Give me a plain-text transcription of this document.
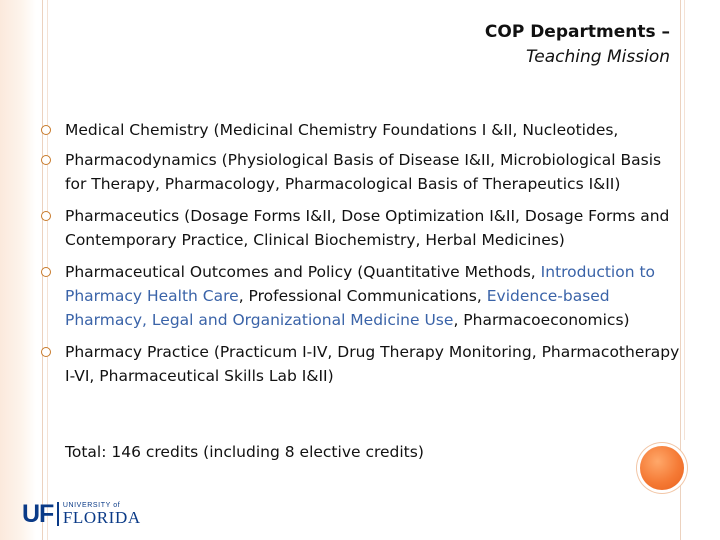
COP Departments –
Teaching Mission
Medical Chemistry (Medicinal Chemistry Foundations I &II, Nucleotides,
Pharmacodynamics (Physiological Basis of Disease I&II, Microbiological Basis for Therapy, Pharmacology, Pharmacological Basis of Therapeutics I&II)
Pharmaceutics (Dosage Forms I&II, Dose Optimization I&II, Dosage Forms and Contemporary Practice, Clinical Biochemistry, Herbal Medicines)
Pharmaceutical Outcomes and Policy (Quantitative Methods, Introduction to Pharmacy Health Care, Professional Communications, Evidence-based Pharmacy, Legal and Organizational Medicine Use, Pharmacoeconomics)
Pharmacy Practice (Practicum I-IV, Drug Therapy Monitoring, Pharmacotherapy I-VI, Pharmaceutical Skills Lab I&II)
Total: 146 credits (including 8 elective credits)
UF UNIVERSITY of
FLORIDA
